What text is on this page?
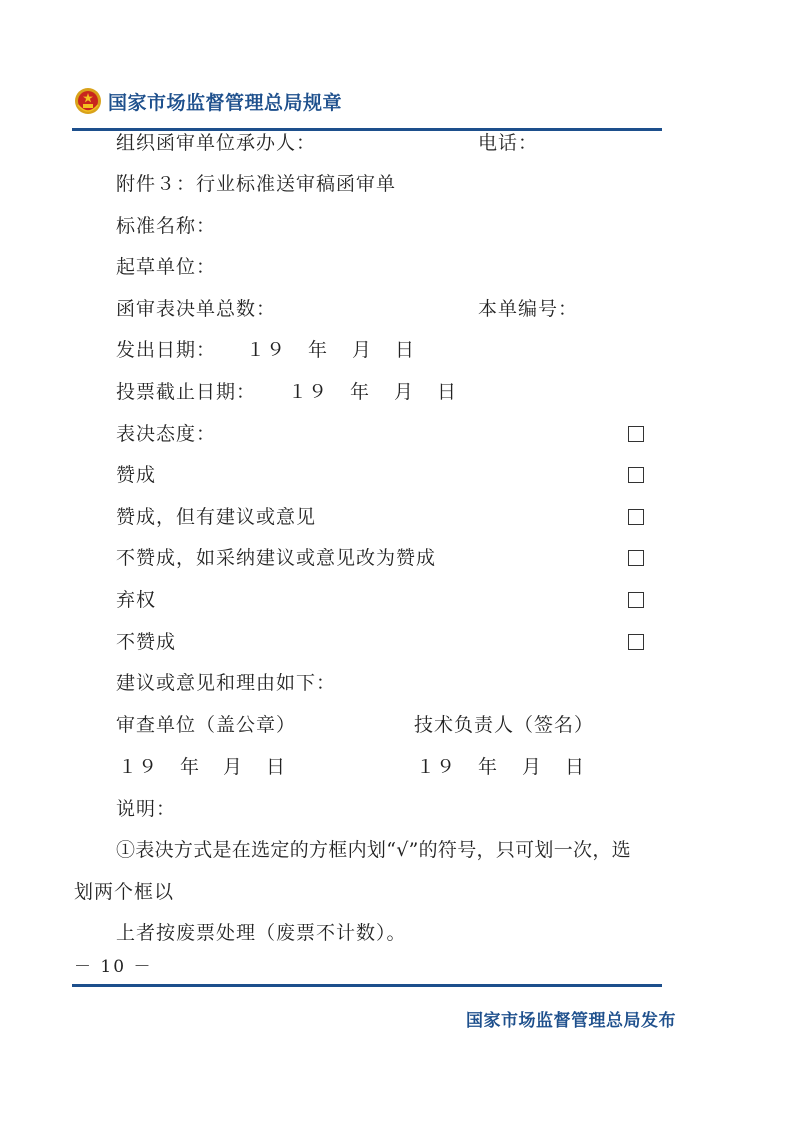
国家市场监督管理总局规章
组织函审单位承办人：	电话：
附件３：行业标准送审稿函审单
标准名称：
起草单位：
函审表决单总数：	本单编号：
发出日期： １９ 年 月 日
投票截止日期： １９ 年 月 日
表决态度：
赞成
赞成，但有建议或意见
不赞成，如采纳建议或意见改为赞成
弃权
不赞成
建议或意见和理由如下：
审查单位（盖公章）	技术负责人（签名）
１９ 年 月 日	１９ 年 月 日
说明：
①表决方式是在选定的方框内划“√”的符号，只可划一次，选
划两个框以
上者按废票处理（废票不计数）。
－ 10 －
国家市场监督管理总局发布
